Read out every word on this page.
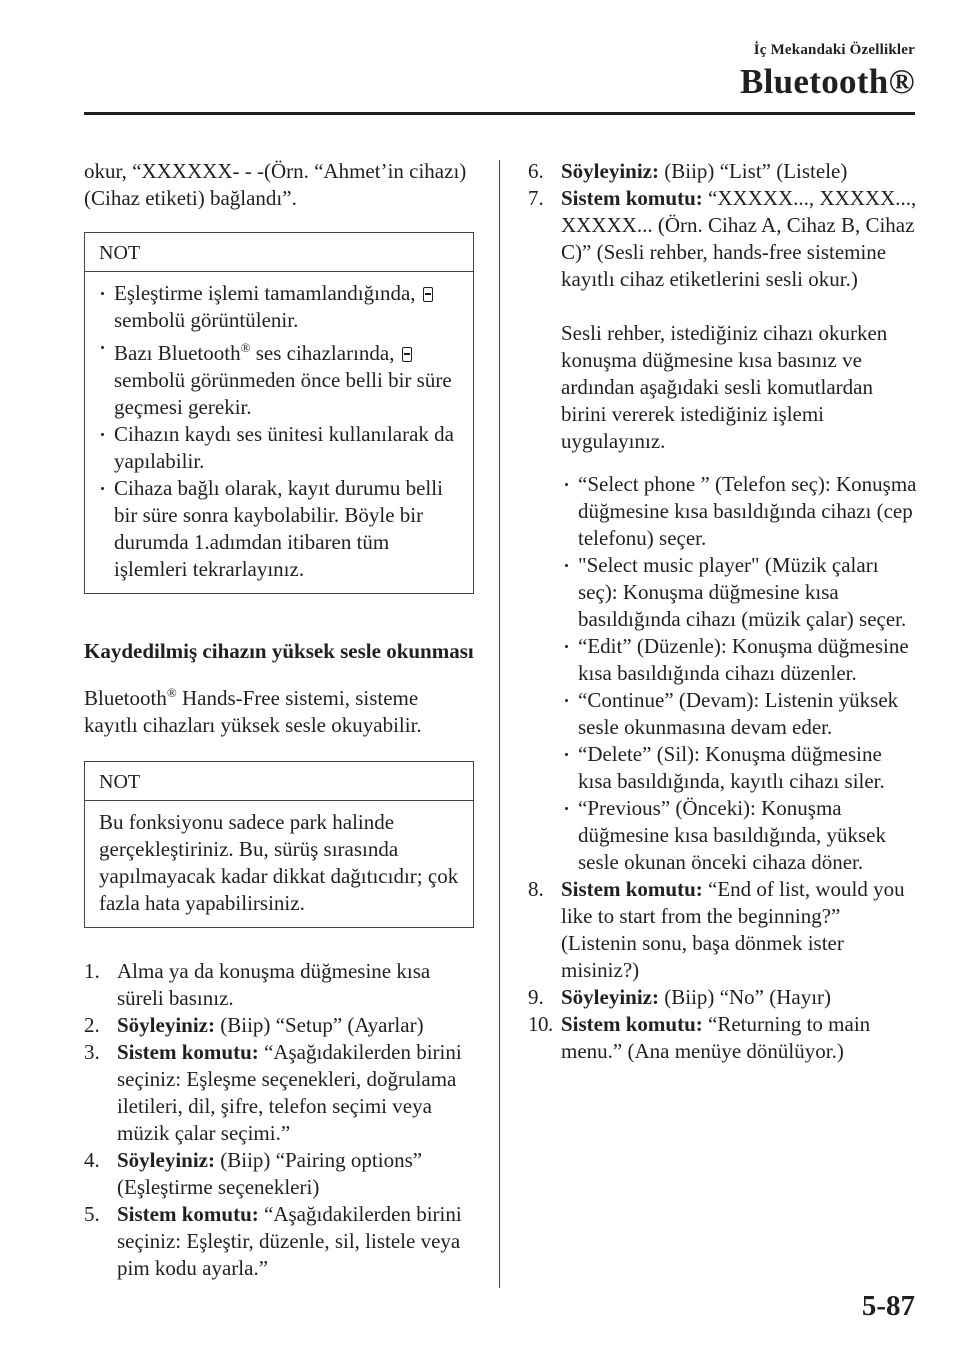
İç Mekandaki Özellikler
Bluetooth®

okur, “XXXXXX- - -(Örn. “Ahmet’in cihazı) (Cihaz etiketi) bağlandı”.

NOT
Eşleştirme işlemi tamamlandığında,  sembolü görüntülenir.
Bazı Bluetooth® ses cihazlarında,  sembolü görünmeden önce belli bir süre geçmesi gerekir.
Cihazın kaydı ses ünitesi kullanılarak da yapılabilir.
Cihaza bağlı olarak, kayıt durumu belli bir süre sonra kaybolabilir. Böyle bir durumda 1.adımdan itibaren tüm işlemleri tekrarlayınız.
Kaydedilmiş cihazın yüksek sesle okunması

Bluetooth® Hands-Free sistemi, sisteme kayıtlı cihazları yüksek sesle okuyabilir.

NOT
Bu fonksiyonu sadece park halinde gerçekleştiriniz. Bu, sürüş sırasında yapılmayacak kadar dikkat dağıtıcıdır; çok fazla hata yapabilirsiniz.
1. Alma ya da konuşma düğmesine kısa süreli basınız.
2. Söyleyiniz: (Biip) “Setup” (Ayarlar)
3. Sistem komutu: “Aşağıdakilerden birini seçiniz: Eşleşme seçenekleri, doğrulama iletileri, dil, şifre, telefon seçimi veya müzik çalar seçimi.”
4. Söyleyiniz: (Biip) “Pairing options” (Eşleştirme seçenekleri)
5. Sistem komutu: “Aşağıdakilerden birini seçiniz: Eşleştir, düzenle, sil, listele veya pim kodu ayarla.”
6. Söyleyiniz: (Biip) “List” (Listele)
7. Sistem komutu: “XXXXX..., XXXXX..., XXXXX... (Örn. Cihaz A, Cihaz B, Cihaz C)” (Sesli rehber, hands-free sistemine kayıtlı cihaz etiketlerini sesli okur.)

Sesli rehber, istediğiniz cihazı okurken konuşma düğmesine kısa basınız ve ardından aşağıdaki sesli komutlardan birini vererek istediğiniz işlemi uygulayınız.

“Select phone ” (Telefon seç): Konuşma düğmesine kısa basıldığında cihazı (cep telefonu) seçer.
"Select music player" (Müzik çaları seç): Konuşma düğmesine kısa basıldığında cihazı (müzik çalar) seçer.
“Edit” (Düzenle): Konuşma düğmesine kısa basıldığında cihazı düzenler.
“Continue” (Devam): Listenin yüksek sesle okunmasına devam eder.
“Delete” (Sil): Konuşma düğmesine kısa basıldığında, kayıtlı cihazı siler.
“Previous” (Önceki): Konuşma düğmesine kısa basıldığında, yüksek sesle okunan önceki cihaza döner.
8. Sistem komutu: “End of list, would you like to start from the beginning?” (Listenin sonu, başa dönmek ister misiniz?)
9. Söyleyiniz: (Biip) “No” (Hayır)
10. Sistem komutu: “Returning to main menu.” (Ana menüye dönülüyor.)
5-87
